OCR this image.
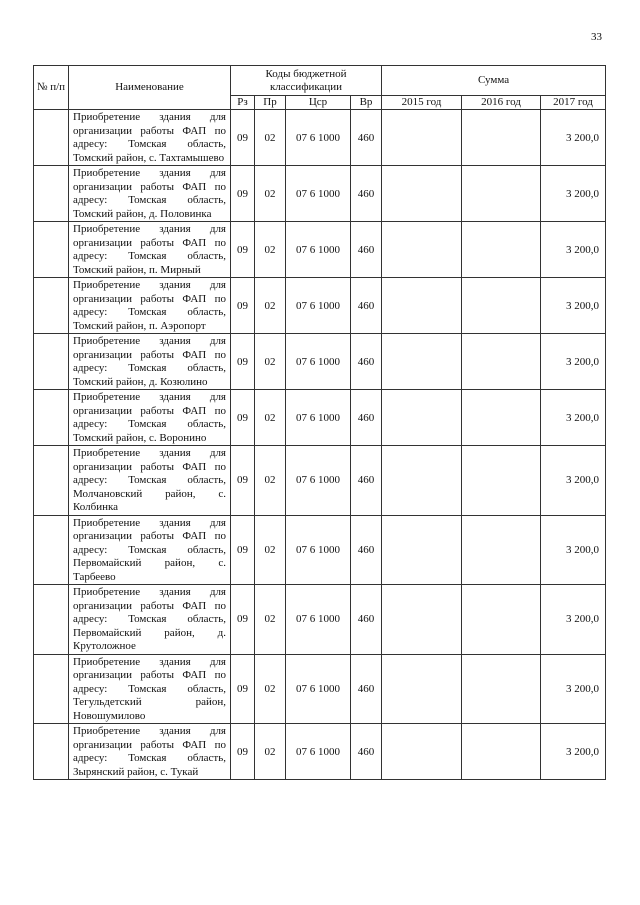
33
№ п/п	Наименование	Коды бюджетной классификации				Сумма		
		Рз	Пр	Цср	Вр	2015 год	2016 год	2017 год
	Приобретение здания для организации работы ФАП по адресу: Томская область, Томский район, с. Тахтамышево	09	02	07 6 1000	460			3 200,0
	Приобретение здания для организации работы ФАП по адресу: Томская область, Томский район, д. Половинка	09	02	07 6 1000	460			3 200,0
	Приобретение здания для организации работы ФАП по адресу: Томская область, Томский район, п. Мирный	09	02	07 6 1000	460			3 200,0
	Приобретение здания для организации работы ФАП по адресу: Томская область, Томский район, п. Аэропорт	09	02	07 6 1000	460			3 200,0
	Приобретение здания для организации работы ФАП по адресу: Томская область, Томский район, д. Козюлино	09	02	07 6 1000	460			3 200,0
	Приобретение здания для организации работы ФАП по адресу: Томская область, Томский район, с. Воронино	09	02	07 6 1000	460			3 200,0
	Приобретение здания для организации работы ФАП по адресу: Томская область, Молчановский район, с. Колбинка	09	02	07 6 1000	460			3 200,0
	Приобретение здания для организации работы ФАП по адресу: Томская область, Первомайский район, с. Тарбеево	09	02	07 6 1000	460			3 200,0
	Приобретение здания для организации работы ФАП по адресу: Томская область, Первомайский район, д. Крутоложное	09	02	07 6 1000	460			3 200,0
	Приобретение здания для организации работы ФАП по адресу: Томская область, Тегульдетский район, Новошумилово	09	02	07 6 1000	460			3 200,0
	Приобретение здания для организации работы ФАП по адресу: Томская область, Зырянский район, с. Тукай	09	02	07 6 1000	460			3 200,0
